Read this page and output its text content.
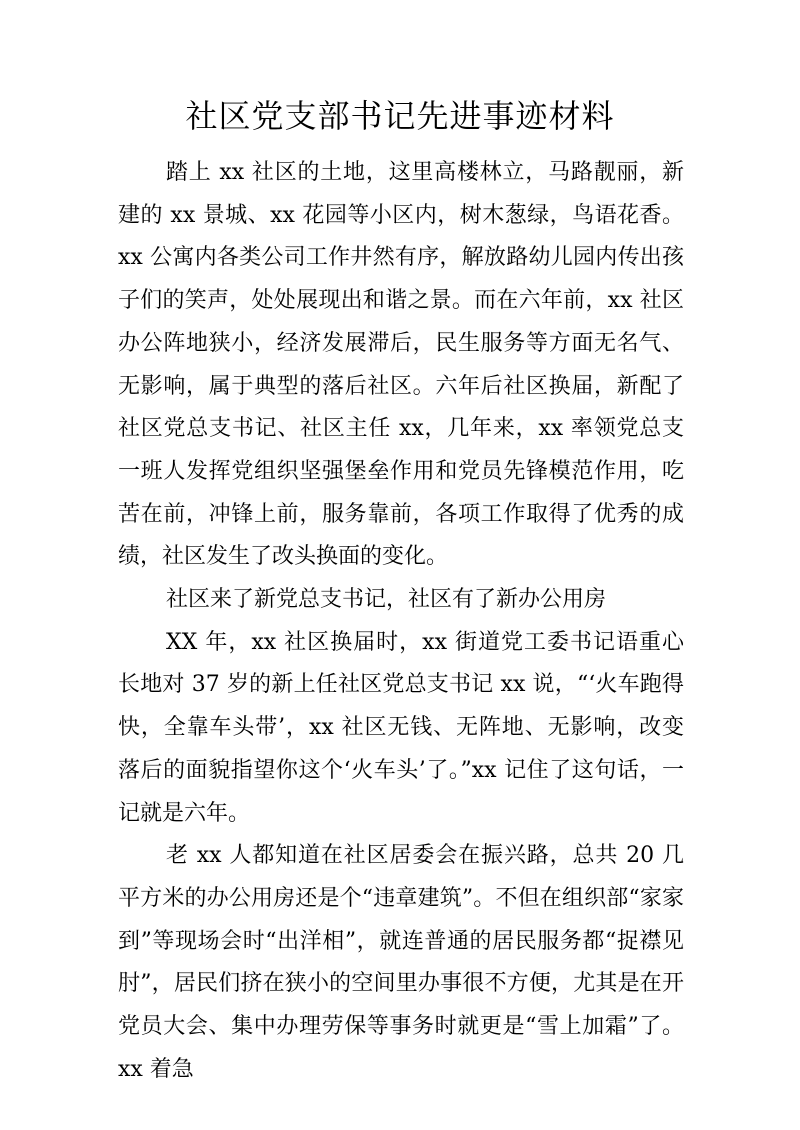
社区党支部书记先进事迹材料

踏上 xx 社区的土地，这里高楼林立，马路靓丽，新建的 xx 景城、xx 花园等小区内，树木葱绿，鸟语花香。xx 公寓内各类公司工作井然有序，解放路幼儿园内传出孩子们的笑声，处处展现出和谐之景。而在六年前，xx 社区办公阵地狭小，经济发展滞后，民生服务等方面无名气、无影响，属于典型的落后社区。六年后社区换届，新配了社区党总支书记、社区主任 xx，几年来，xx 率领党总支一班人发挥党组织坚强堡垒作用和党员先锋模范作用，吃苦在前，冲锋上前，服务靠前，各项工作取得了优秀的成绩，社区发生了改头换面的变化。

社区来了新党总支书记，社区有了新办公用房

XX 年，xx 社区换届时，xx 街道党工委书记语重心长地对 37 岁的新上任社区党总支书记 xx 说，“‘火车跑得快，全靠车头带’，xx 社区无钱、无阵地、无影响，改变落后的面貌指望你这个‘火车头’了。”xx 记住了这句话，一记就是六年。

老 xx 人都知道在社区居委会在振兴路，总共 20 几平方米的办公用房还是个“违章建筑”。不但在组织部“家家到”等现场会时“出洋相”，就连普通的居民服务都“捉襟见肘”，居民们挤在狭小的空间里办事很不方便，尤其是在开党员大会、集中办理劳保等事务时就更是“雪上加霜”了。xx 着急
